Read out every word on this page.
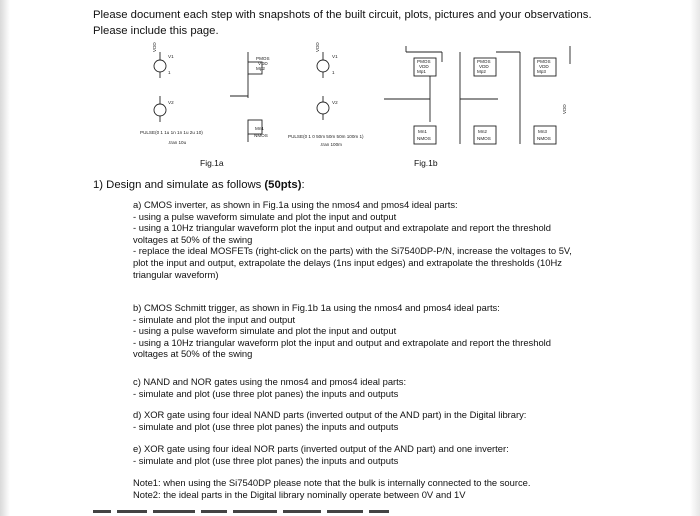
Please document each step with snapshots of the built circuit, plots, pictures and your observations.
Please include this page.
VDD
V1
1
V2
PMOS
VDD
Mp2
Mn1
NMOS
PULSE(0 1 1u 1n 1n 1u 2u 10)
.tran 10u
VDD
V1
1
V2
PULSE(0 1 0 50m 50m 50m 100m 1)
.tran 100m
PMOS
VDD
Mp1
PMOS
VDD
Mp2
PMOS
VDD
Mp3
Mn1
NMOS
Mn2
NMOS
Mn3
NMOS
VDD
Fig.1a	Fig.1b
1) Design and simulate as follows (50pts):
a) CMOS inverter, as shown in Fig.1a using the nmos4 and pmos4 ideal parts:
- using a pulse waveform simulate and plot the input and output
- using a 10Hz triangular waveform plot the input and output and extrapolate and report the threshold
voltages at 50% of the swing
- replace the ideal MOSFETs (right-click on the parts) with the Si7540DP-P/N, increase the voltages to 5V,
plot the input and output, extrapolate the delays (1ns input edges) and extrapolate the thresholds (10Hz
triangular waveform)
b) CMOS Schmitt trigger, as shown in Fig.1b 1a using the nmos4 and pmos4 ideal parts:
- simulate and plot the input and output
- using a pulse waveform simulate and plot the input and output
- using a 10Hz triangular waveform plot the input and output and extrapolate and report the threshold
voltages at 50% of the swing
c) NAND and NOR gates using the nmos4 and pmos4 ideal parts:
- simulate and plot (use three plot panes) the inputs and outputs
d) XOR gate using four ideal NAND parts (inverted output of the AND part) in the Digital library:
- simulate and plot (use three plot panes) the inputs and outputs
e) XOR gate using four ideal NOR parts (inverted output of the AND part) and one inverter:
- simulate and plot (use three plot panes) the inputs and outputs
Note1: when using the Si7540DP please note that the bulk is internally connected to the source.
Note2: the ideal parts in the Digital library nominally operate between 0V and 1V
